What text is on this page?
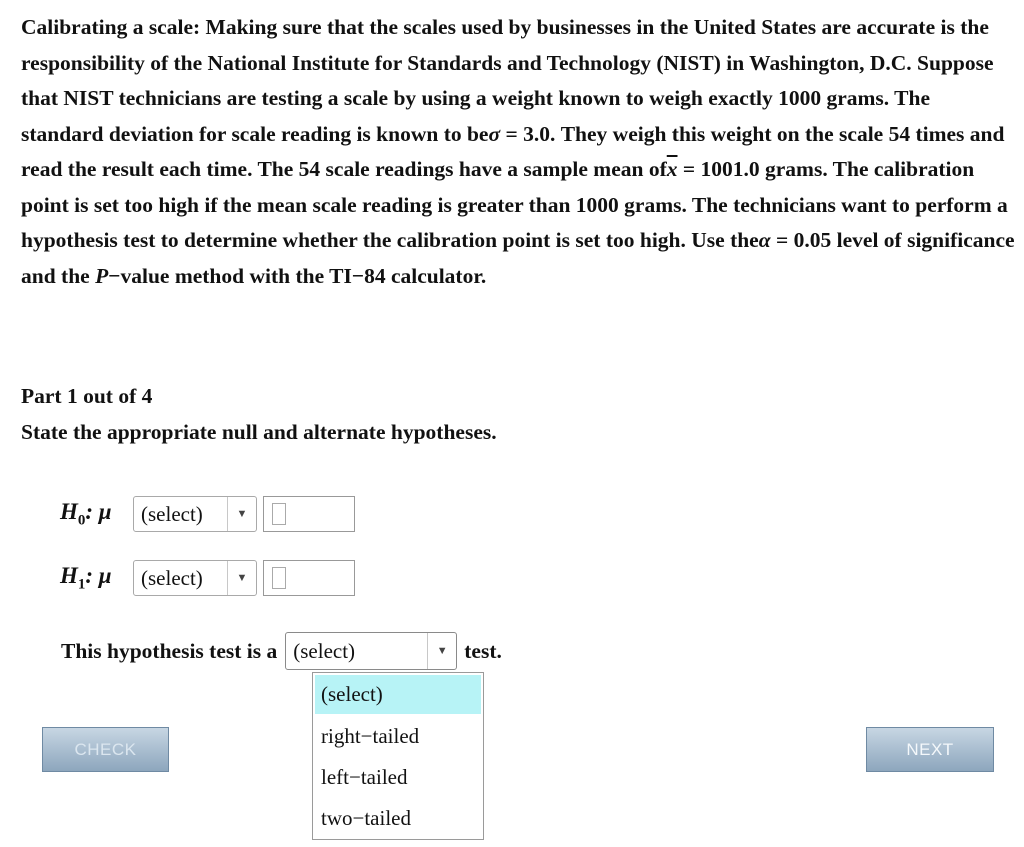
Calibrating a scale: Making sure that the scales used by businesses in the United States are accurate is the responsibility of the National Institute for Standards and Technology (NIST) in Washington, D.C. Suppose that NIST technicians are testing a scale by using a weight known to weigh exactly 1000 grams. The standard deviation for scale reading is known to beσ = 3.0. They weigh this weight on the scale 54 times and read the result each time. The 54 scale readings have a sample mean $of\overline{x} = 1001.0$ grams. The calibration point is set too high if the mean scale reading is greater than 1000 grams. The technicians want to perform a hypothesis test to determine whether the calibration point is set too high. Use theα = 0.05 level of significance and the P−value method with the TI−84 calculator.
Part 1 out of 4
State the appropriate null and alternate hypotheses.
$H_0$: μ	(select)	▼
$H_1$: μ	(select)	▼
This hypothesis test is a (select)	▼ test.
(select)
right−tailed
left−tailed
two−tailed
CHECK	NEXT
